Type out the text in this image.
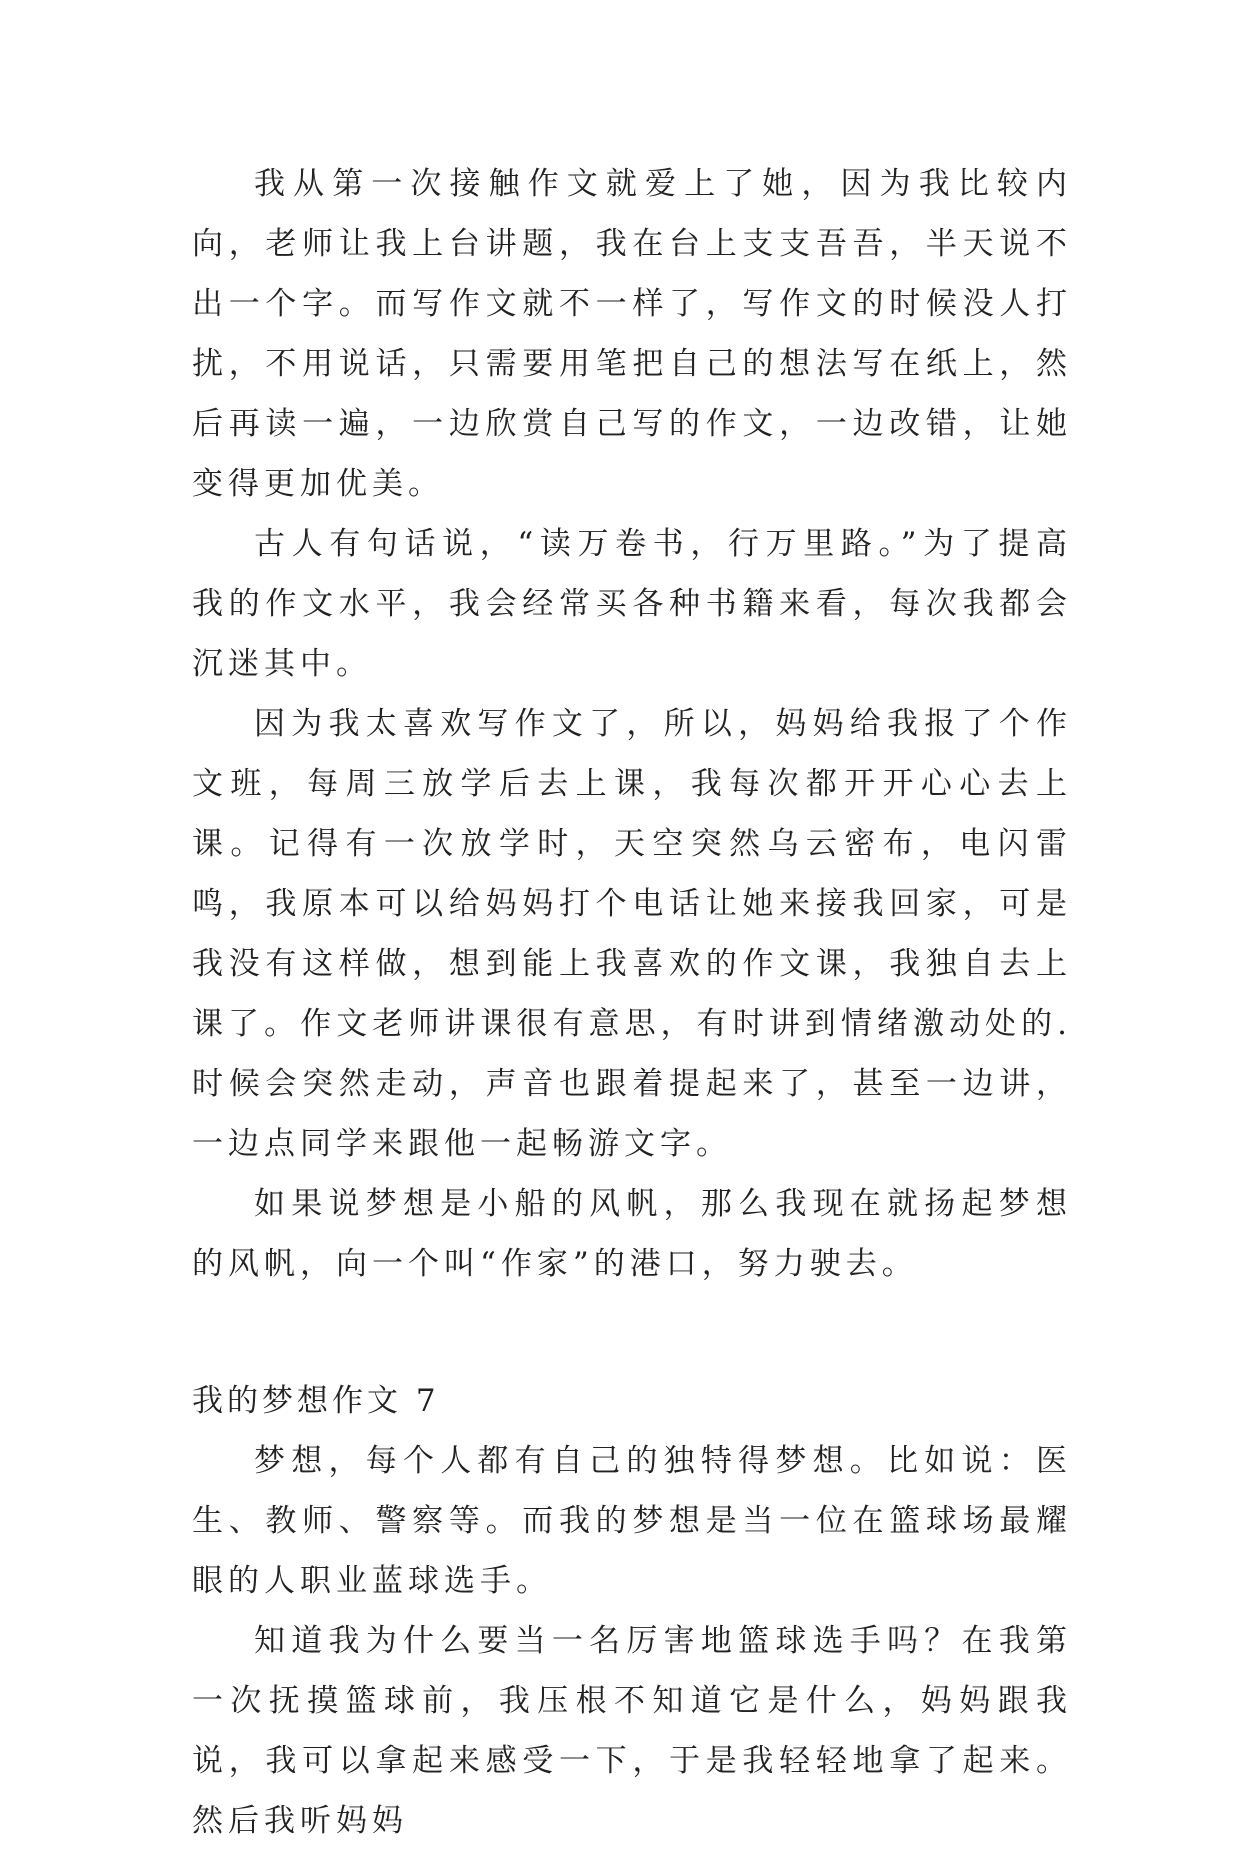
我从第一次接触作文就爱上了她，因为我比较内向，老师让我上台讲题，我在台上支支吾吾，半天说不出一个字。而写作文就不一样了，写作文的时候没人打扰，不用说话，只需要用笔把自己的想法写在纸上，然后再读一遍，一边欣赏自己写的作文，一边改错，让她变得更加优美。

古人有句话说，“读万卷书，行万里路。”为了提高我的作文水平，我会经常买各种书籍来看，每次我都会沉迷其中。

因为我太喜欢写作文了，所以，妈妈给我报了个作文班，每周三放学后去上课，我每次都开开心心去上课。记得有一次放学时，天空突然乌云密布，电闪雷鸣，我原本可以给妈妈打个电话让她来接我回家，可是我没有这样做，想到能上我喜欢的作文课，我独自去上课了。作文老师讲课很有意思，有时讲到情绪激动处的.时候会突然走动，声音也跟着提起来了，甚至一边讲，一边点同学来跟他一起畅游文字。

如果说梦想是小船的风帆，那么我现在就扬起梦想的风帆，向一个叫“作家”的港口，努力驶去。

我的梦想作文 7

梦想，每个人都有自己的独特得梦想。比如说：医生、教师、警察等。而我的梦想是当一位在篮球场最耀眼的人职业蓝球选手。

知道我为什么要当一名厉害地篮球选手吗？在我第一次抚摸篮球前，我压根不知道它是什么，妈妈跟我说，我可以拿起来感受一下，于是我轻轻地拿了起来。然后我听妈妈
